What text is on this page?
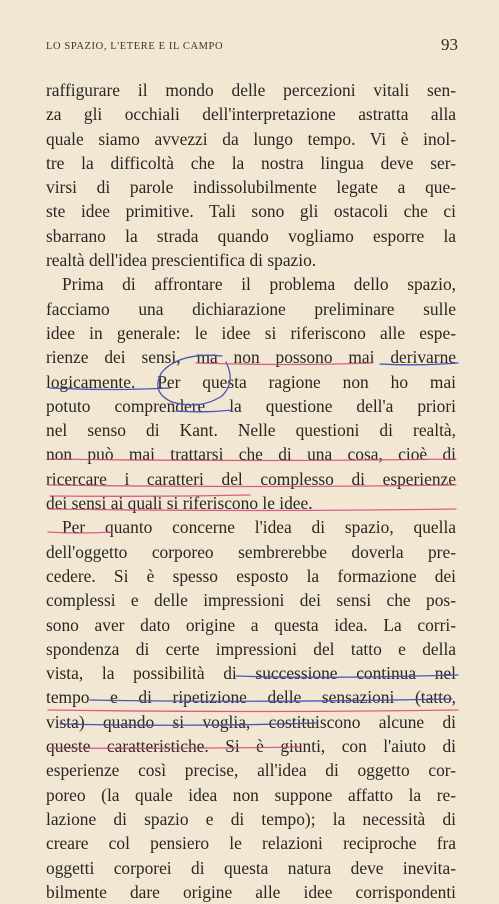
LO SPAZIO, L'ETERE E IL CAMPO	93
raffigurare il mondo delle percezioni vitali sen-
za gli occhiali dell'interpretazione astratta alla
quale siamo avvezzi da lungo tempo. Vi è inol-
tre la difficoltà che la nostra lingua deve ser-
virsi di parole indissolubilmente legate a que-
ste idee primitive. Tali sono gli ostacoli che ci
sbarrano la strada quando vogliamo esporre la
realtà dell'idea prescientifica di spazio.
Prima di affrontare il problema dello spazio,
facciamo una dichiarazione preliminare sulle
idee in generale: le idee si riferiscono alle espe-
rienze dei sensi, ma non possono mai derivarne
logicamente. Per questa ragione non ho mai
potuto comprendere la questione dell'a priori
nel senso di Kant. Nelle questioni di realtà,
non può mai trattarsi che di una cosa, cioè di
ricercare i caratteri del complesso di esperienze
dei sensi ai quali si riferiscono le idee.
Per quanto concerne l'idea di spazio, quella
dell'oggetto corporeo sembrerebbe doverla pre-
cedere. Si è spesso esposto la formazione dei
complessi e delle impressioni dei sensi che pos-
sono aver dato origine a questa idea. La corri-
spondenza di certe impressioni del tatto e della
vista, la possibilità di successione continua nel
tempo e di ripetizione delle sensazioni (tatto,
vista) quando si voglia, costituiscono alcune di
queste caratteristiche. Si è giunti, con l'aiuto di
esperienze così precise, all'idea di oggetto cor-
poreo (la quale idea non suppone affatto la re-
lazione di spazio e di tempo); la necessità di
creare col pensiero le relazioni reciproche fra
oggetti corporei di questa natura deve inevita-
bilmente dare origine alle idee corrispondenti
